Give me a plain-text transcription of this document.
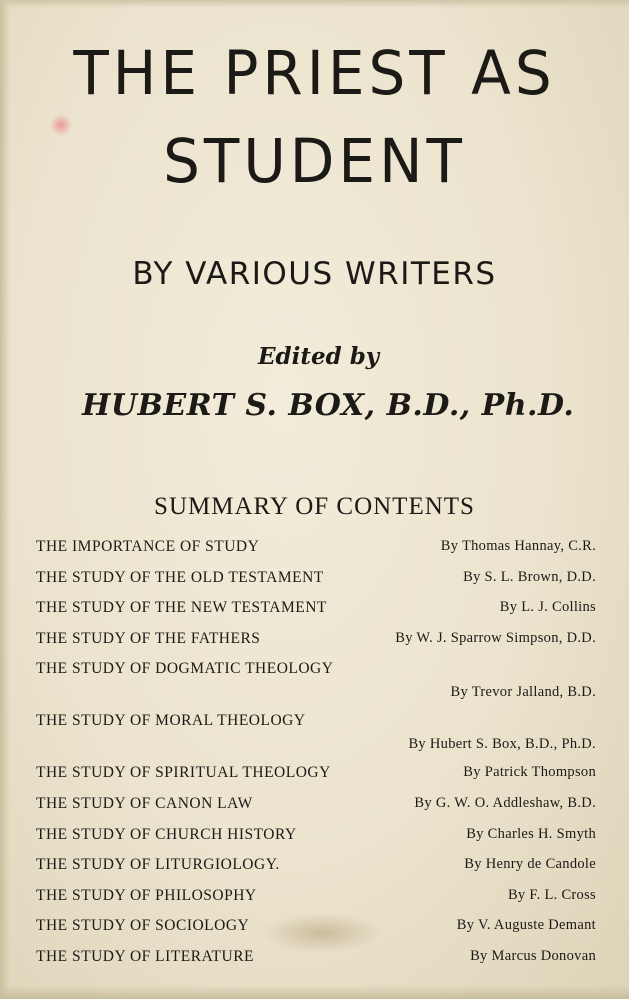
THE PRIEST AS
STUDENT

BY VARIOUS WRITERS

Edited by

HUBERT S. BOX, B.D., Ph.D.

SUMMARY OF CONTENTS

THE IMPORTANCE OF STUDY	By Thomas Hannay, C.R.
THE STUDY OF THE OLD TESTAMENT	By S. L. Brown, D.D.
THE STUDY OF THE NEW TESTAMENT	By L. J. Collins
THE STUDY OF THE FATHERS	By W. J. Sparrow Simpson, D.D.
THE STUDY OF DOGMATIC THEOLOGY
By Trevor Jalland, B.D.
THE STUDY OF MORAL THEOLOGY
By Hubert S. Box, B.D., Ph.D.
THE STUDY OF SPIRITUAL THEOLOGY	By Patrick Thompson
THE STUDY OF CANON LAW	By G. W. O. Addleshaw, B.D.
THE STUDY OF CHURCH HISTORY	By Charles H. Smyth
THE STUDY OF LITURGIOLOGY.	By Henry de Candole
THE STUDY OF PHILOSOPHY	By F. L. Cross
THE STUDY OF SOCIOLOGY	By V. Auguste Demant
THE STUDY OF LITERATURE	By Marcus Donovan
